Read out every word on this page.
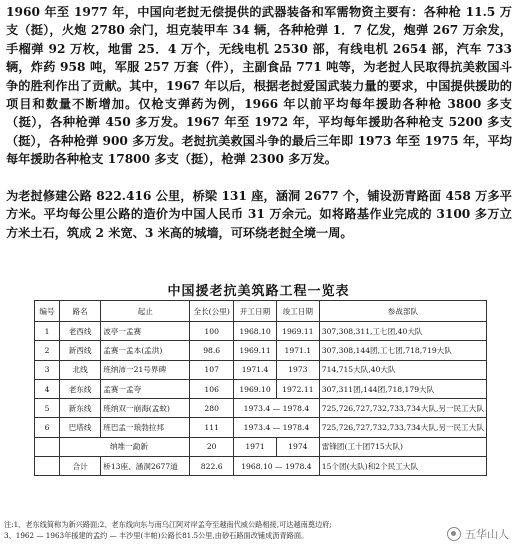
1960 年至 1977 年，中国向老挝无偿提供的武器装备和军需物资主要有：各种枪 11.5 万支（挺），火炮 2780 余门，坦克装甲车 34 辆，各种枪弹 1．7 亿发，炮弹 267 万余发，手榴弹 92 万枚，地雷 25．4 万个，无线电机 2530 部，有线电机 2654 部，汽车 733 辆，炸药 958 吨，军服 257 万套（件），主副食品 771 吨等，为老挝人民取得抗美救国斗争的胜利作出了贡献。其中，1967 年以后，根据老挝爱国武装力量的要求，中国提供援助的项目和数量不断增加。仅枪支弹药为例，1966 年以前平均每年援助各种枪 3800 多支（挺），各种枪弹 450 多万发。1967 年至 1972 年，平均每年援助各种枪支 5200 多支（挺），各种枪弹 900 多万发。老挝抗美救国斗争的最后三年即 1973 年至 1975 年，平均每年援助各种枪支 17800 多支（挺），枪弹 2300 多万发。

为老挝修建公路 822.416 公里，桥梁 131 座，涵洞 2677 个，铺设沥青路面 458 万多平方米。平均每公里公路的造价为中国人民币 31 万余元。如将路基作业完成的 3100 多万立方米土石，筑成 2 米宽、3 米高的城墙，可环绕老挝全境一周。

中国援老抗美筑路工程一览表
编号	路名	起止	全长(公里)	开工日期	竣工日期	参战部队
1	老西线	波亭一孟赛	100	1968.10	1969.11	307,308,311,工七团,40大队
2	新西线	孟赛一孟本(孟洪)	98.6	1969.11	1971.1	307,308,144团,工七团,718,719大队
3	北线	班纳沛一21号界碑	107	1971.4	1973	714,715大队,40大队
4	老东线	孟赛一孟夸	106	1969.10	1972.11	307,311团,144团,718,179大队
5	新东线	班纳双一崩海(孟蚊)	280	1973.4 — 1978.4		725,726,727,732,733,734大队,另一民工大队
6	巴塔线	班巴孟一琅勃拉邦	111	1973.4 — 1978.4		725,726,727,732,733,734大队,另一民工大队
	纳堆一勐新		20	1971	1974	雷锋团(工十团715大队)
	合计	桥13座、涵洞2677道	822.6	1968.10 — 1978.4		15个团(大队)和2个民工大队
注:1、老东线简称为新兴路面;2、老东线向东与南乌江阿对岸孟夸至越南代威公路相接,可达越南奠边府;
3、1962 — 1963年援建的孟约 — 丰沙里(丰帕)公路长81.5公里,由砂石路面改铺成沥青路面。	五华山人
